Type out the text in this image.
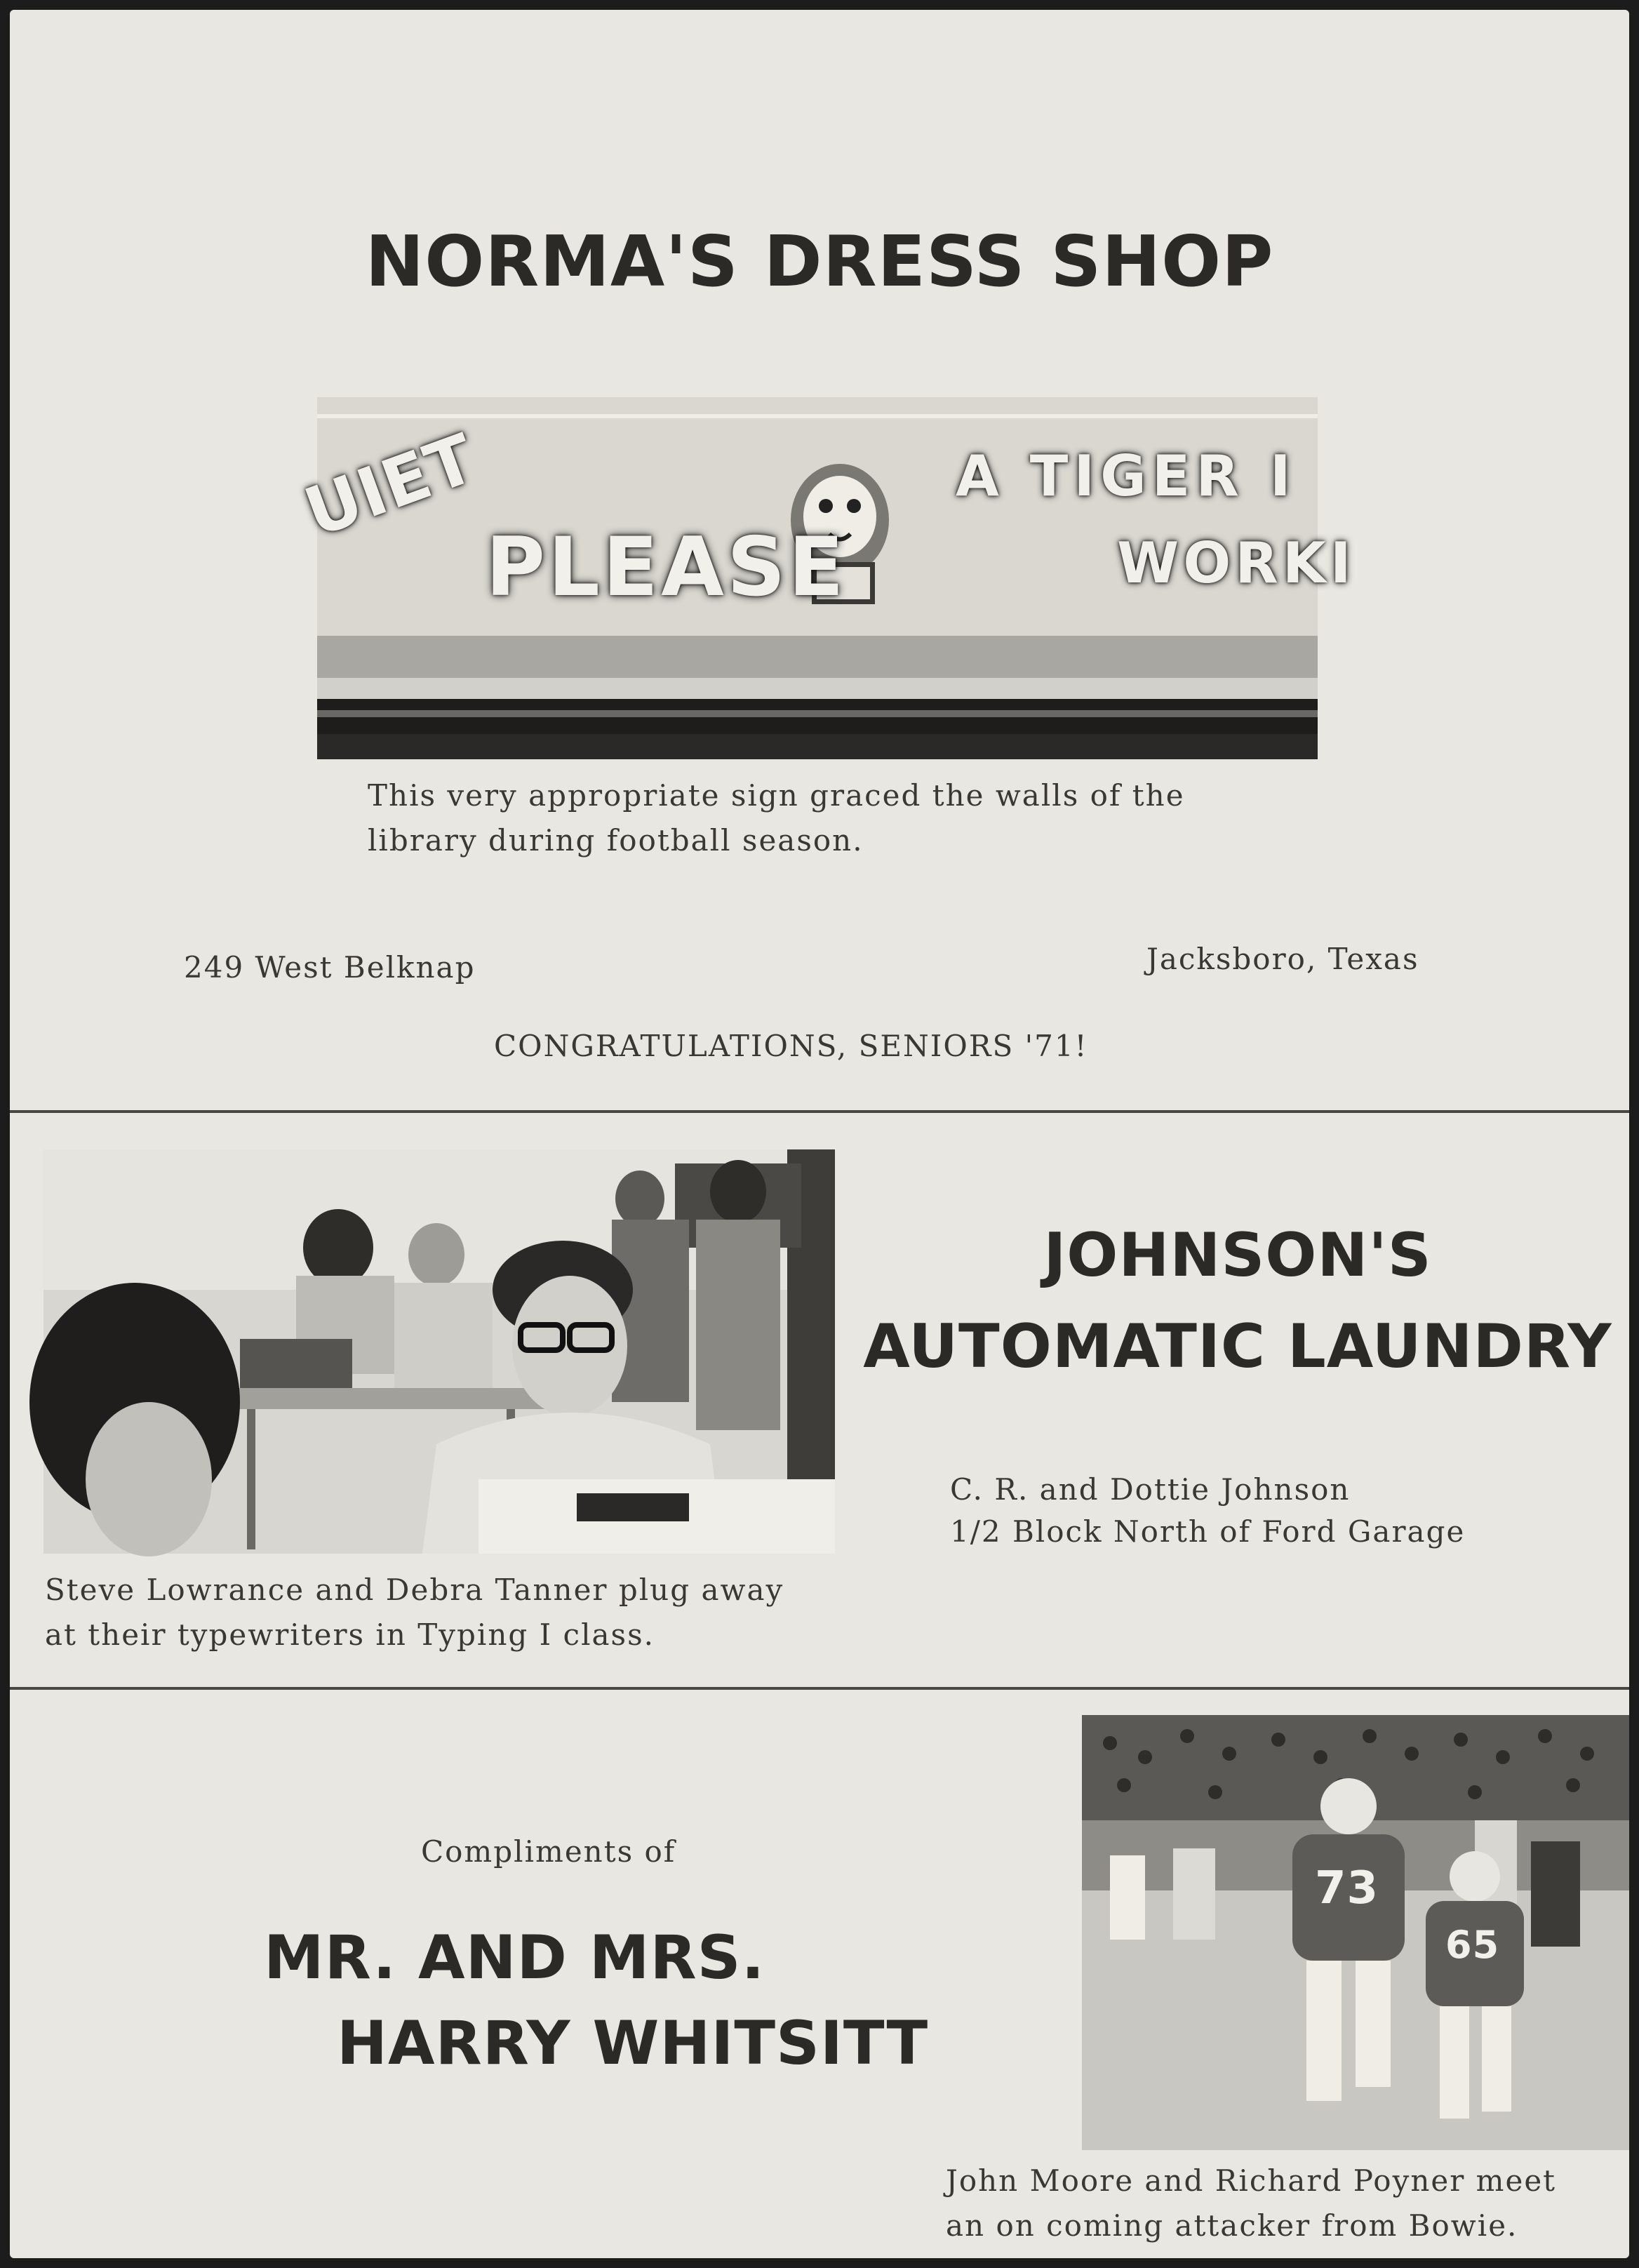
NORMA'S DRESS SHOP
UIET
PLEASE
A TIGER I
WORKI
This very appropriate sign graced the walls of the
library during football season.
249 West Belknap	Jacksboro, Texas
CONGRATULATIONS, SENIORS '71!
Steve Lowrance and Debra Tanner plug away
at their typewriters in Typing I class.
JOHNSON'S
AUTOMATIC LAUNDRY
C. R. and Dottie Johnson
1/2 Block North of Ford Garage
Compliments of
MR. AND MRS.
HARRY WHITSITT
73
65
John Moore and Richard Poyner meet
an on coming attacker from Bowie.
